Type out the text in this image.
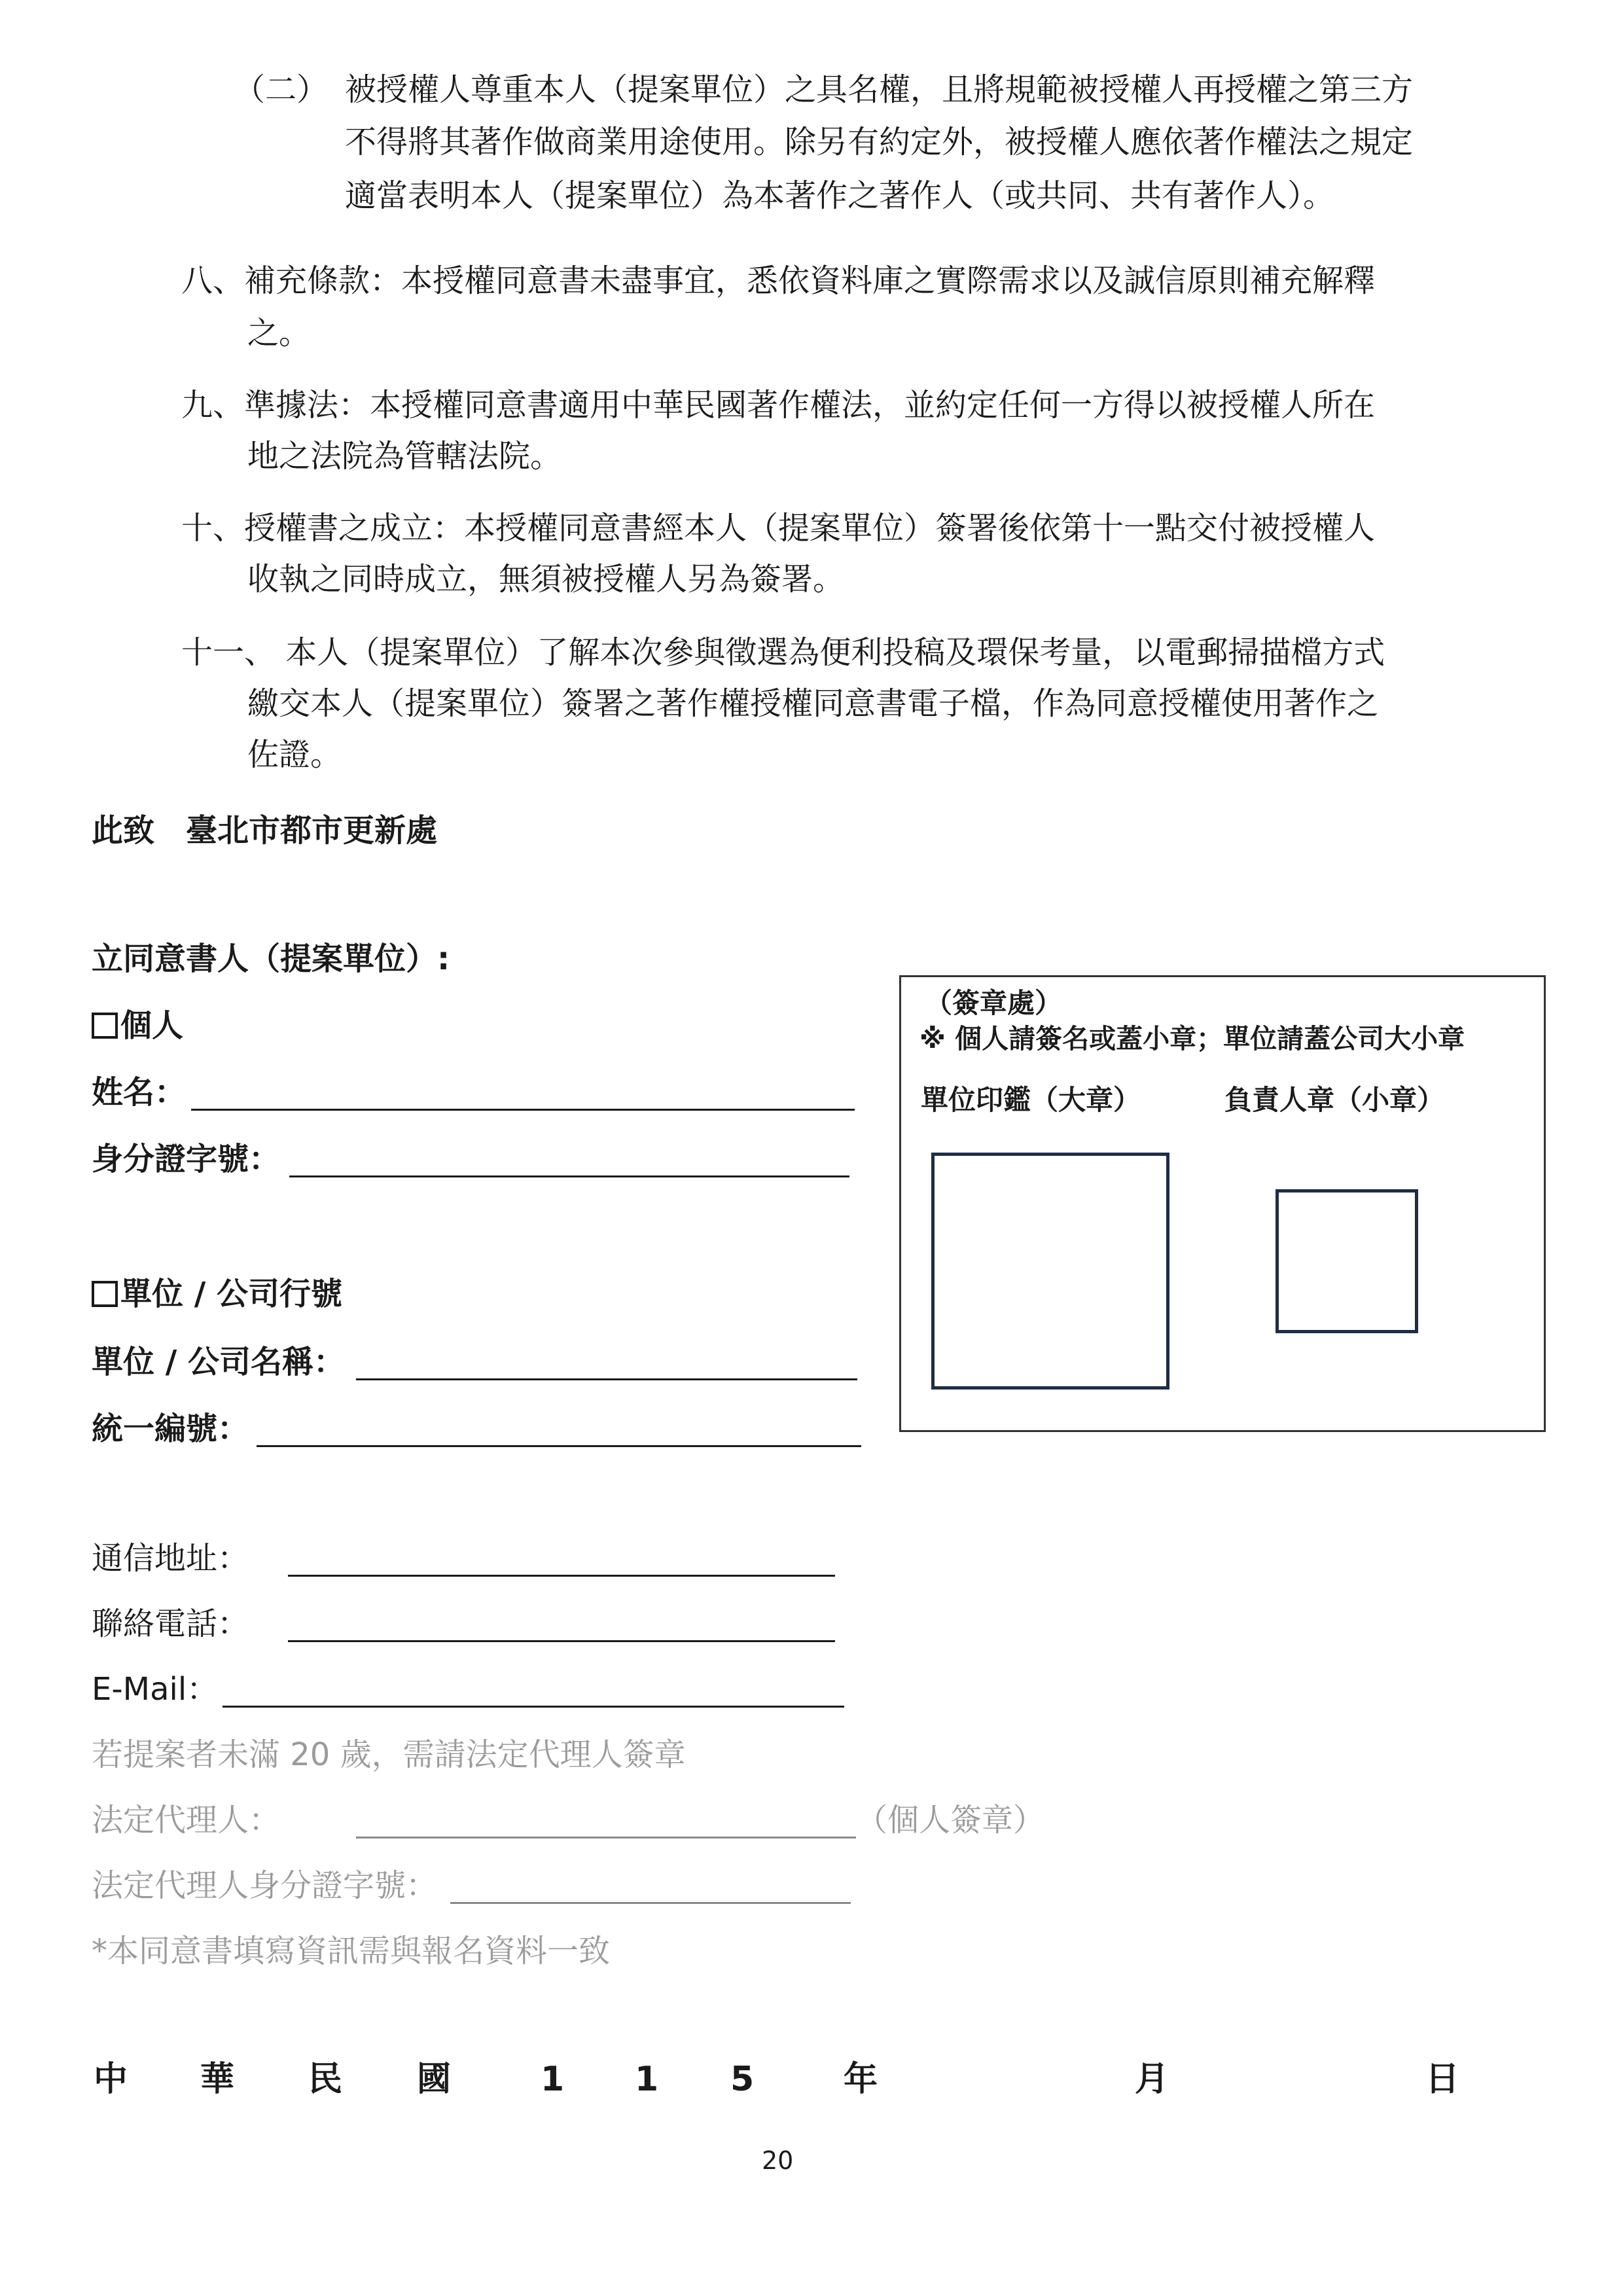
（二） 被授權人尊重本人（提案單位）之具名權，且將規範被授權人再授權之第三方
不得將其著作做商業用途使用。除另有約定外，被授權人應依著作權法之規定
適當表明本人（提案單位）為本著作之著作人（或共同、共有著作人）。
八、補充條款：本授權同意書未盡事宜，悉依資料庫之實際需求以及誠信原則補充解釋
之。
九、準據法：本授權同意書適用中華民國著作權法，並約定任何一方得以被授權人所在
地之法院為管轄法院。
十、授權書之成立：本授權同意書經本人（提案單位）簽署後依第十一點交付被授權人
收執之同時成立，無須被授權人另為簽署。
十一、 本人（提案單位）了解本次參與徵選為便利投稿及環保考量，以電郵掃描檔方式
繳交本人（提案單位）簽署之著作權授權同意書電子檔，作為同意授權使用著作之
佐證。
此致　臺北市都市更新處
立同意書人（提案單位）:
個人
姓名：
身分證字號：
單位 / 公司行號
單位 / 公司名稱：
統一編號：
（簽章處）
※ 個人請簽名或蓋小章；單位請蓋公司大小章
單位印鑑（大章）	負責人章（小章）
通信地址：
聯絡電話：
E-Mail：
若提案者未滿 20 歲，需請法定代理人簽章
法定代理人：	（個人簽章）
法定代理人身分證字號：
*本同意書填寫資訊需與報名資料一致
中 華 民 國	1 1 5	年	月	日
20
